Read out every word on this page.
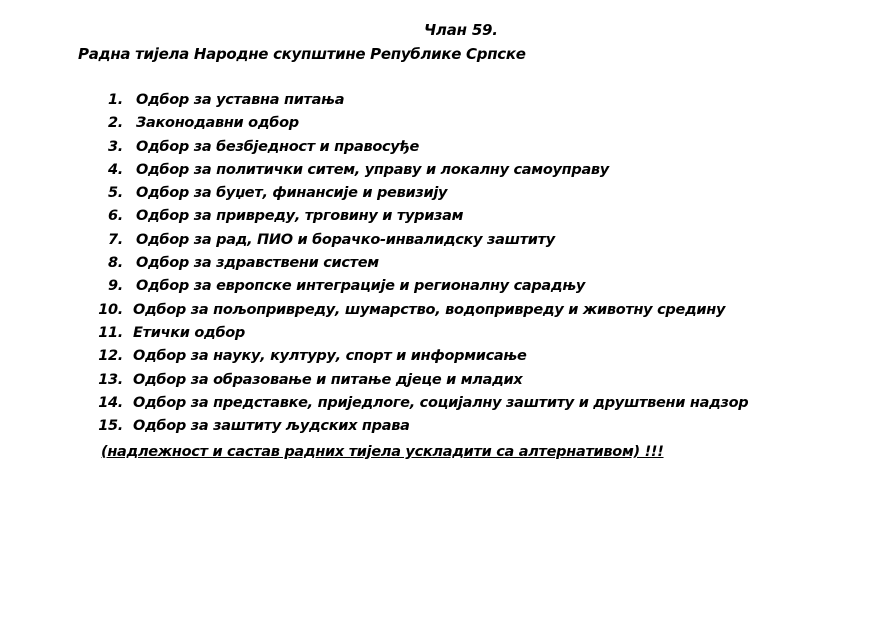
Члан 59.
Радна тијела Народне скупштине Републике Српске
1. Одбор за уставна питања
2. Законодавни одбор
3. Одбор за безбједност и правосуђе
4. Одбор за политички ситем, управу и локалну самоуправу
5. Одбор за буџет, финансије и ревизију
6. Одбор за привреду, трговину и туризам
7. Одбор за рад, ПИО и борачко-инвалидску заштиту
8. Одбор за здравствени систем
9. Одбор за европске интеграције и регионалну сарадњу
10. Одбор за пољопривреду, шумарство, водопривреду и животну средину
11. Етички одбор
12. Одбор за науку, културу, спорт и информисање
13. Одбор за образовање и питање дјеце и младих
14. Одбор за представке, приједлоге, социјалну заштиту и друштвени надзор
15. Одбор за заштиту људских права
(надлежност и састав радних тијела ускладити са алтернативом) !!!
